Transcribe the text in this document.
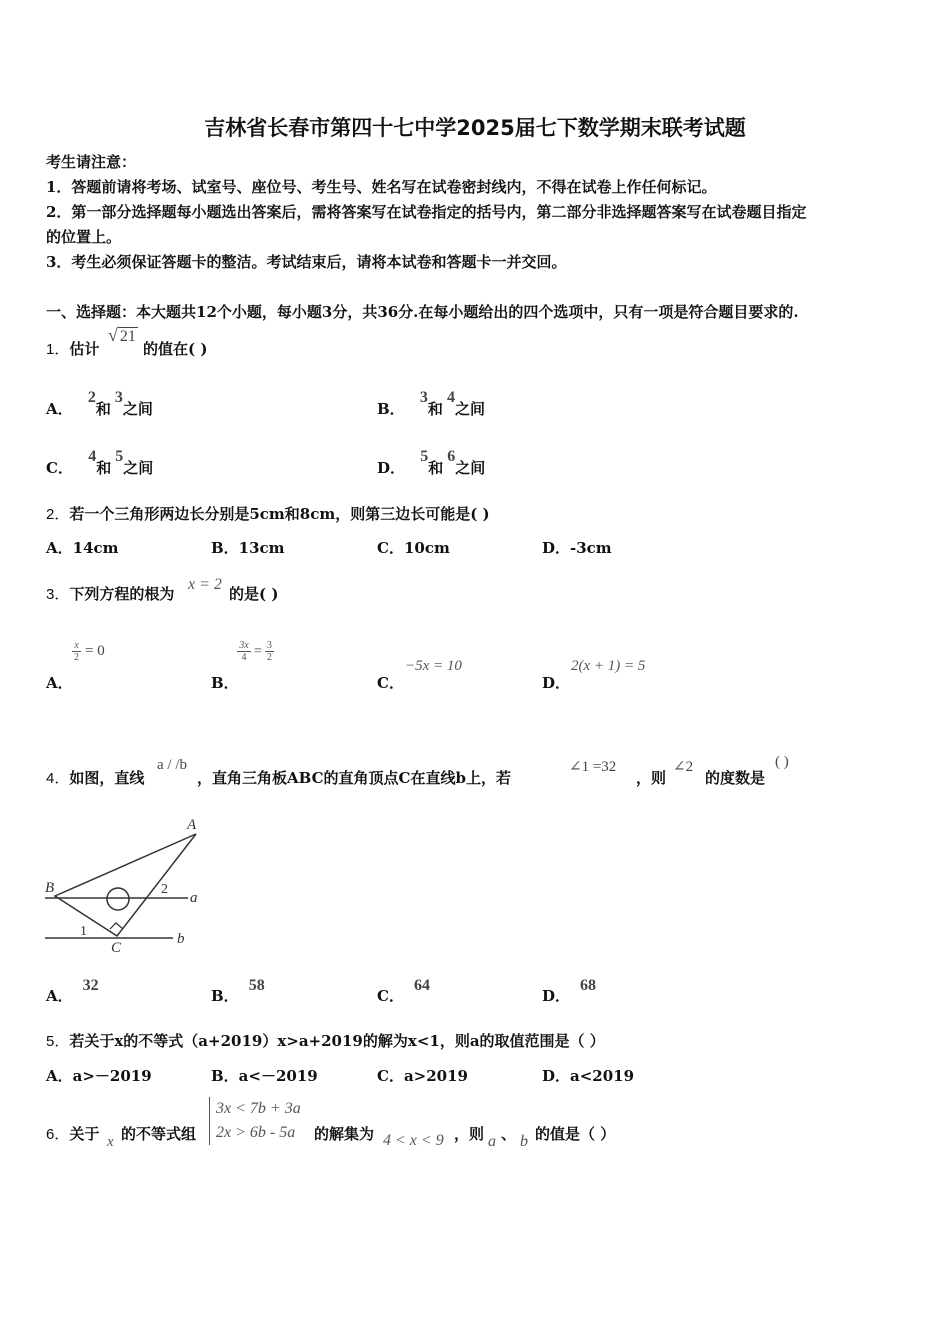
吉林省长春市第四十七中学2025届七下数学期末联考试题
考生请注意：
1．答题前请将考场、试室号、座位号、考生号、姓名写在试卷密封线内，不得在试卷上作任何标记。
2．第一部分选择题每小题选出答案后，需将答案写在试卷指定的括号内，第二部分非选择题答案写在试卷题目指定
的位置上。
3．考生必须保证答题卡的整洁。考试结束后，请将本试卷和答题卡一并交回。
一、选择题：本大题共12个小题，每小题3分，共36分.在每小题给出的四个选项中，只有一项是符合题目要求的.
1．估计
√ 21
的值在( )
A． 2和3之间	B． 3和4之间
C． 4和5之间	D． 5和6之间
2．若一个三角形两边长分别是5cm和8cm，则第三边长可能是( )
A．14cm	B．13cm	C．10cm	D．-3cm
3．下列方程的根为
x = 2
的是( )
A．
$\frac{x}{2} = 0$
B．
$\frac{3x}{4} = \frac{3}{2}$
C．
−5x = 10
D．
2(x + 1) = 5
4．如图，直线
a / /b
，直角三角板ABC的直角顶点C在直线b上，若
∠1 =32
，则
∠2
的度数是
( )
A
B
C
a
b
1
2
A．32
B．58
C．64
D．68
5．若关于x的不等式（a+2019）x>a+2019的解为x<1，则a的取值范围是（ ）
A．a>－2019	B．a<－2019	C．a>2019	D．a<2019
6．关于 x 的不等式组
3x < 7b + 3a
2x > 6b - 5a	的解集为 4 < x < 9 ，则 a 、 b 的值是（ ）
